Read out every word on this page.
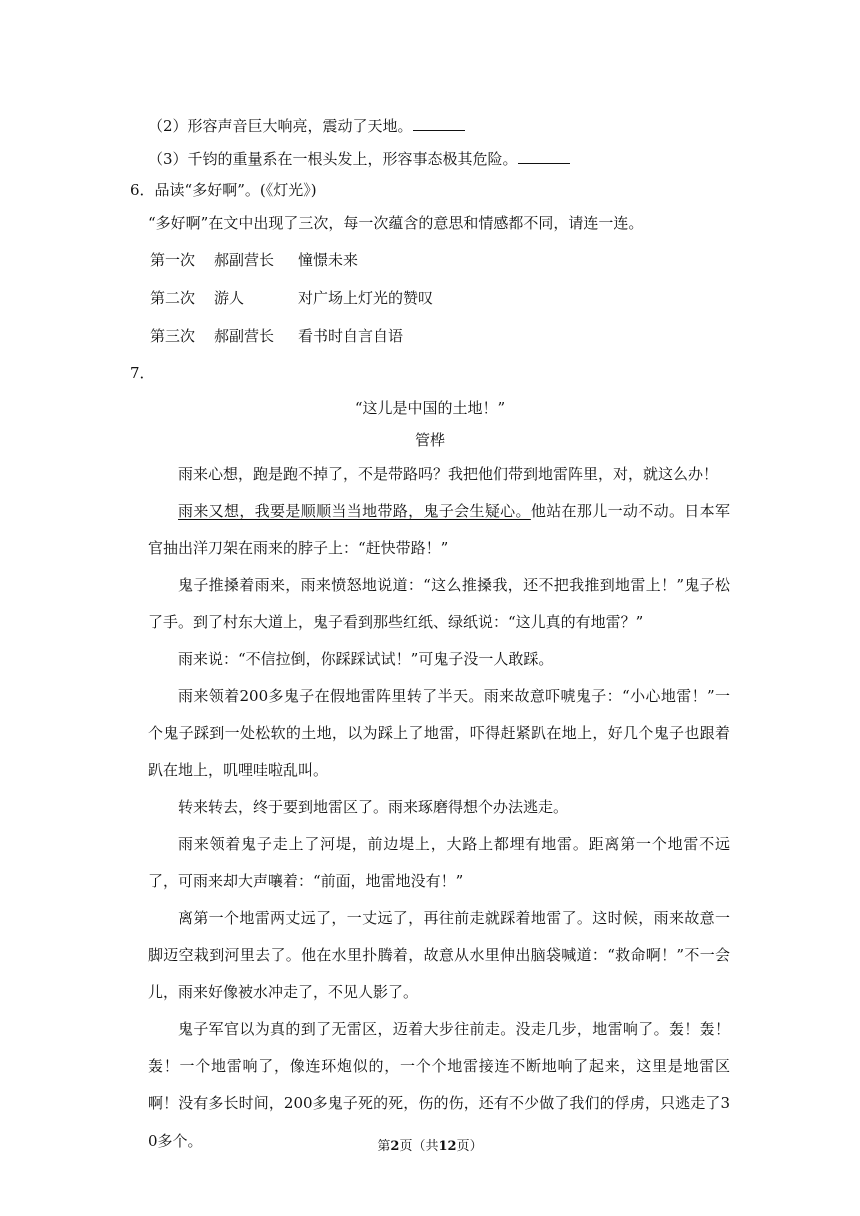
（2）形容声音巨大响亮，震动了天地。
（3）千钧的重量系在一根头发上，形容事态极其危险。
6．品读“多好啊”。(《灯光》)
“多好啊”在文中出现了三次，每一次蕴含的意思和情感都不同，请连一连。
第一次 郝副营长 憧憬未来
第二次 游人	对广场上灯光的赞叹
第三次 郝副营长 看书时自言自语
7．
“这儿是中国的土地！”
管桦
雨来心想，跑是跑不掉了，不是带路吗？我把他们带到地雷阵里，对，就这么办！
雨来又想，我要是顺顺当当地带路，鬼子会生疑心。他站在那儿一动不动。日本军官抽出洋刀架在雨来的脖子上：“赶快带路！”
鬼子推搡着雨来，雨来愤怒地说道：“这么推搡我，还不把我推到地雷上！”鬼子松了手。到了村东大道上，鬼子看到那些红纸、绿纸说：“这儿真的有地雷？”
雨来说：“不信拉倒，你踩踩试试！”可鬼子没一人敢踩。
雨来领着200多鬼子在假地雷阵里转了半天。雨来故意吓唬鬼子：“小心地雷！”一个鬼子踩到一处松软的土地，以为踩上了地雷，吓得赶紧趴在地上，好几个鬼子也跟着趴在地上，叽哩哇啦乱叫。
转来转去，终于要到地雷区了。雨来琢磨得想个办法逃走。
雨来领着鬼子走上了河堤，前边堤上，大路上都埋有地雷。距离第一个地雷不远了，可雨来却大声嚷着：“前面，地雷地没有！”
离第一个地雷两丈远了，一丈远了，再往前走就踩着地雷了。这时候，雨来故意一脚迈空栽到河里去了。他在水里扑腾着，故意从水里伸出脑袋喊道：“救命啊！”不一会儿，雨来好像被水冲走了，不见人影了。
鬼子军官以为真的到了无雷区，迈着大步往前走。没走几步，地雷响了。轰！轰！轰！一个地雷响了，像连环炮似的，一个个地雷接连不断地响了起来，这里是地雷区啊！没有多长时间，200多鬼子死的死，伤的伤，还有不少做了我们的俘虏，只逃走了30多个。	第2页（共12页）
